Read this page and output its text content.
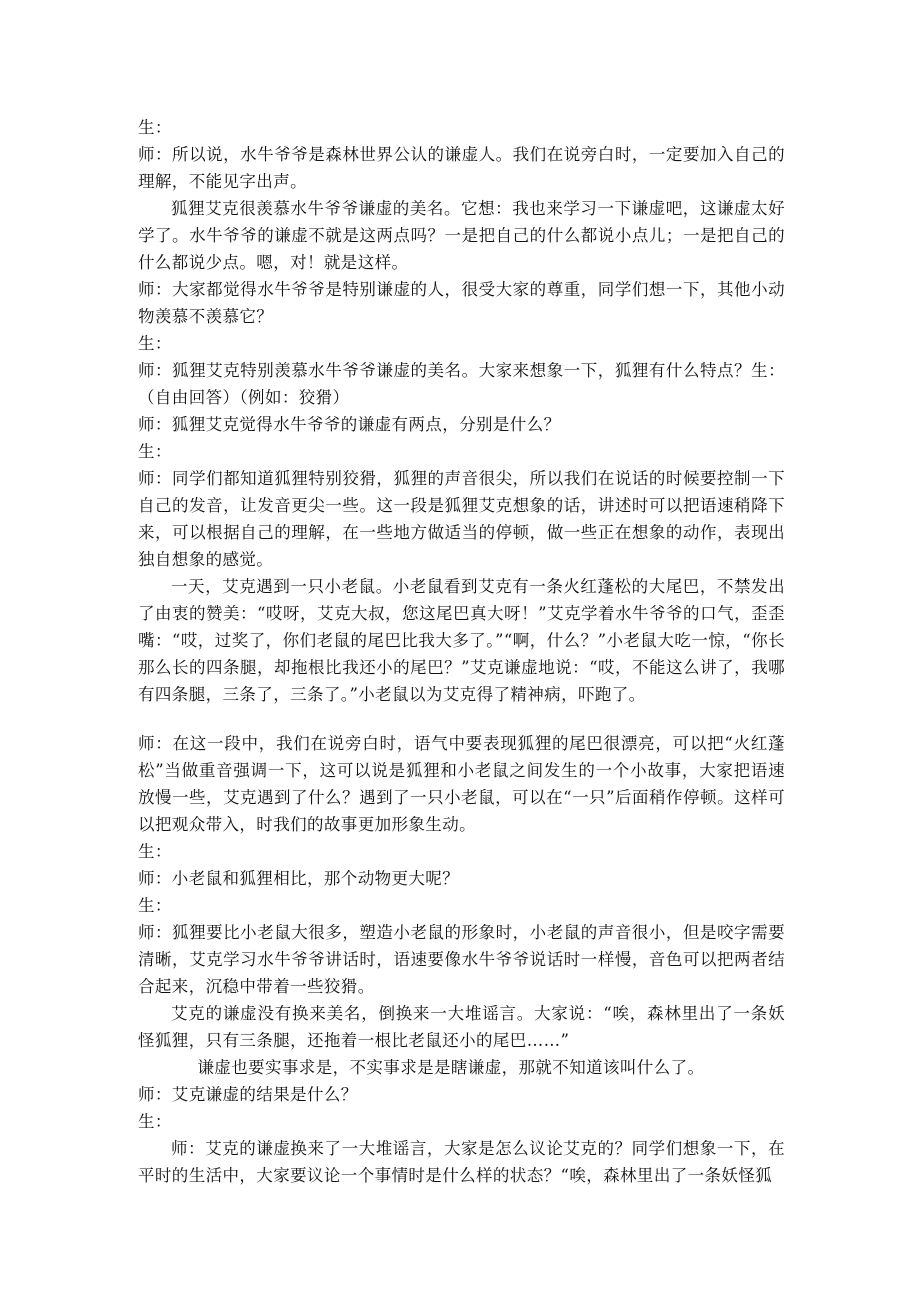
生：

师：所以说，水牛爷爷是森林世界公认的谦虚人。我们在说旁白时，一定要加入自己的理解，不能见字出声。

狐狸艾克很羡慕水牛爷爷谦虚的美名。它想：我也来学习一下谦虚吧，这谦虚太好学了。水牛爷爷的谦虚不就是这两点吗？一是把自己的什么都说小点儿；一是把自己的什么都说少点。嗯，对！就是这样。

师：大家都觉得水牛爷爷是特别谦虚的人，很受大家的尊重，同学们想一下，其他小动物羡慕不羡慕它？

生：

师：狐狸艾克特别羡慕水牛爷爷谦虚的美名。大家来想象一下，狐狸有什么特点？生：（自由回答）（例如：狡猾）

师：狐狸艾克觉得水牛爷爷的谦虚有两点，分别是什么？

生：

师：同学们都知道狐狸特别狡猾，狐狸的声音很尖，所以我们在说话的时候要控制一下自己的发音，让发音更尖一些。这一段是狐狸艾克想象的话，讲述时可以把语速稍降下来，可以根据自己的理解，在一些地方做适当的停顿，做一些正在想象的动作，表现出独自想象的感觉。

一天，艾克遇到一只小老鼠。小老鼠看到艾克有一条火红蓬松的大尾巴，不禁发出了由衷的赞美：“哎呀，艾克大叔，您这尾巴真大呀！”艾克学着水牛爷爷的口气，歪歪嘴：“哎，过奖了，你们老鼠的尾巴比我大多了。”“啊，什么？”小老鼠大吃一惊，“你长那么长的四条腿，却拖根比我还小的尾巴？”艾克谦虚地说：“哎，不能这么讲了，我哪有四条腿，三条了，三条了。”小老鼠以为艾克得了精神病，吓跑了。

师：在这一段中，我们在说旁白时，语气中要表现狐狸的尾巴很漂亮，可以把“火红蓬松”当做重音强调一下，这可以说是狐狸和小老鼠之间发生的一个小故事，大家把语速放慢一些，艾克遇到了什么？遇到了一只小老鼠，可以在“一只”后面稍作停顿。这样可以把观众带入，时我们的故事更加形象生动。

生：

师：小老鼠和狐狸相比，那个动物更大呢？

生：

师：狐狸要比小老鼠大很多，塑造小老鼠的形象时，小老鼠的声音很小，但是咬字需要清晰，艾克学习水牛爷爷讲话时，语速要像水牛爷爷说话时一样慢，音色可以把两者结合起来，沉稳中带着一些狡猾。

艾克的谦虚没有换来美名，倒换来一大堆谣言。大家说：“唉，森林里出了一条妖怪狐狸，只有三条腿，还拖着一根比老鼠还小的尾巴……”

谦虚也要实事求是，不实事求是是瞎谦虚，那就不知道该叫什么了。

师：艾克谦虚的结果是什么？

生：

师：艾克的谦虚换来了一大堆谣言，大家是怎么议论艾克的？同学们想象一下，在平时的生活中，大家要议论一个事情时是什么样的状态？“唉，森林里出了一条妖怪狐
